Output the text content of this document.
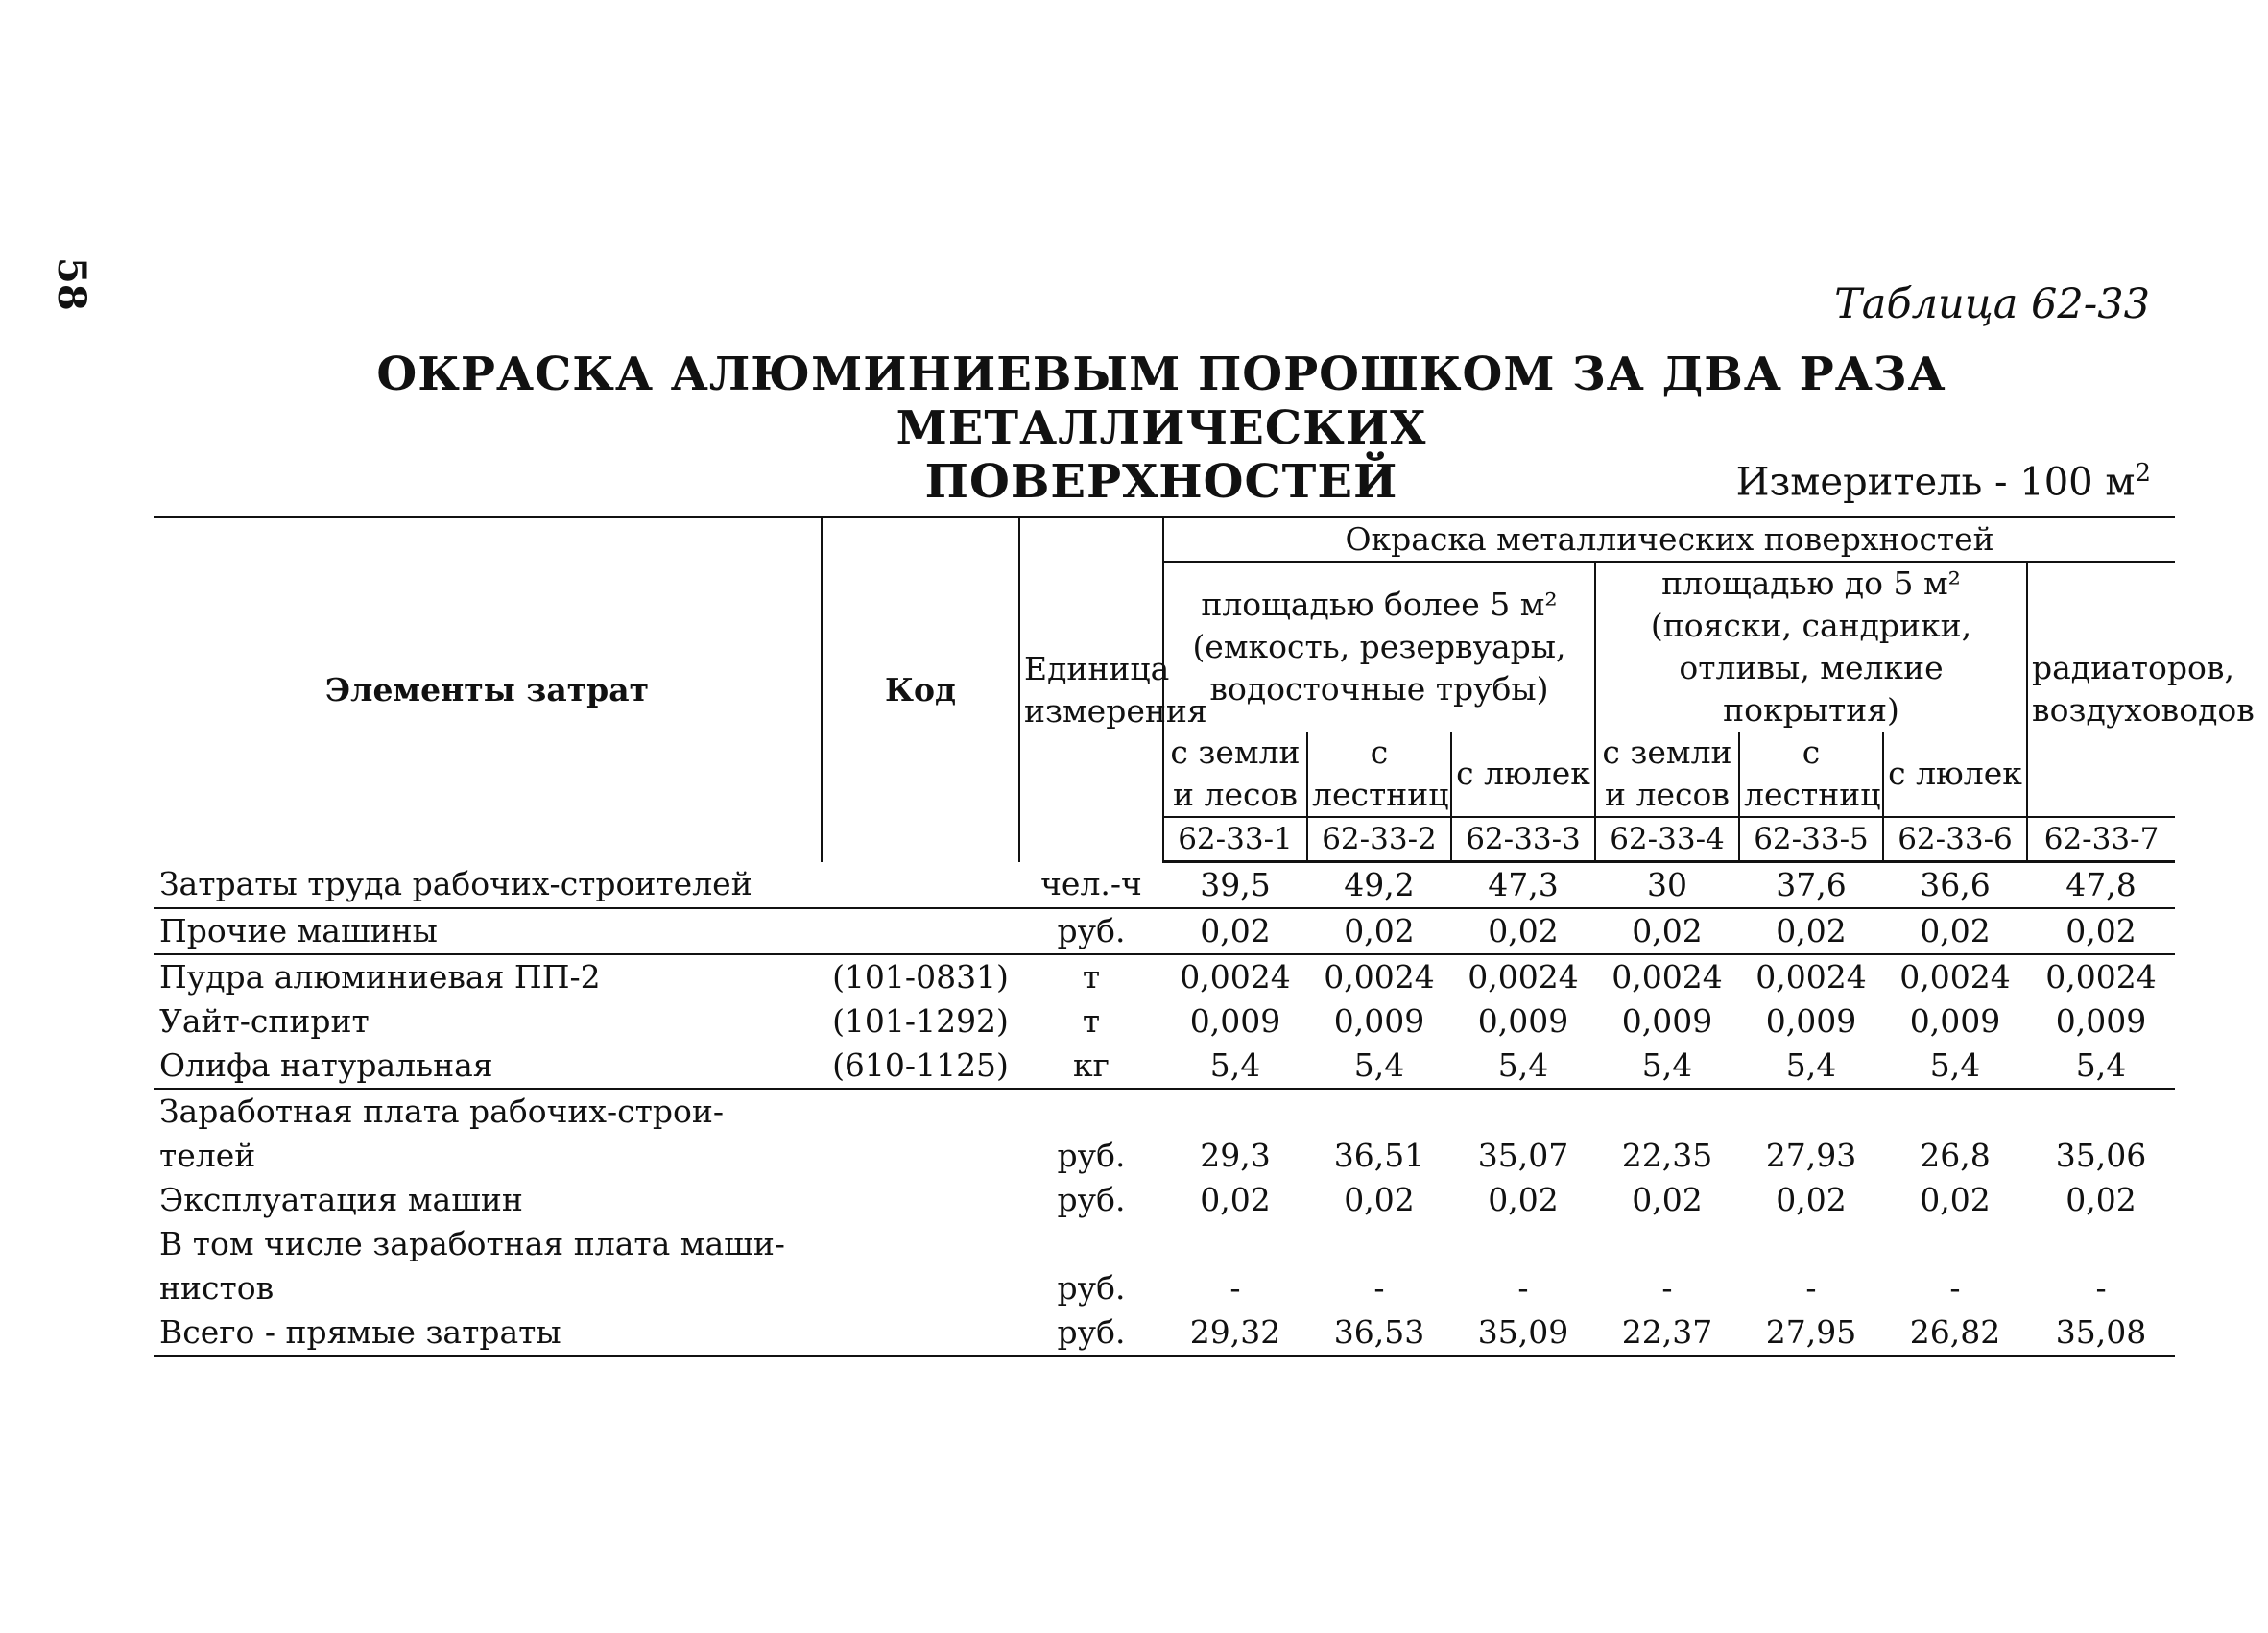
58	Таблица 62-33
ОКРАСКА АЛЮМИНИЕВЫМ ПОРОШКОМ ЗА ДВА РАЗА МЕТАЛЛИЧЕСКИХ
ПОВЕРХНОСТЕЙ	Измеритель - 100 $м^2$
Элементы затрат	Код	Единица измерения	Окраска металлических поверхностей						
			площадью более 5 м² (емкость, резервуары, водосточные трубы)			площадью до 5 м² (пояски, сандрики, отливы, мелкие покрытия)			радиаторов, воздуховодов
			с земли и лесов	с лестниц	с люлек	с земли и лесов	с лестниц	с люлек	
			62-33-1	62-33-2	62-33-3	62-33-4	62-33-5	62-33-6	62-33-7
Затраты труда рабочих-строителей		чел.-ч	39,5	49,2	47,3	30	37,6	36,6	47,8
Прочие машины		руб.	0,02	0,02	0,02	0,02	0,02	0,02	0,02
Пудра алюминиевая ПП-2	(101-0831)	т	0,0024	0,0024	0,0024	0,0024	0,0024	0,0024	0,0024
Уайт-спирит	(101-1292)	т	0,009	0,009	0,009	0,009	0,009	0,009	0,009
Олифа натуральная	(610-1125)	кг	5,4	5,4	5,4	5,4	5,4	5,4	5,4

Заработная плата рабочих-строи-
телей		руб.	29,3	36,51	35,07	22,35	27,93	26,8	35,06
Эксплуатация машин		руб.	0,02	0,02	0,02	0,02	0,02	0,02	0,02

В том числе заработная плата маши-
нистов		руб.	-	-	-	-	-	-	-
Всего - прямые затраты		руб.	29,32	36,53	35,09	22,37	27,95	26,82	35,08
